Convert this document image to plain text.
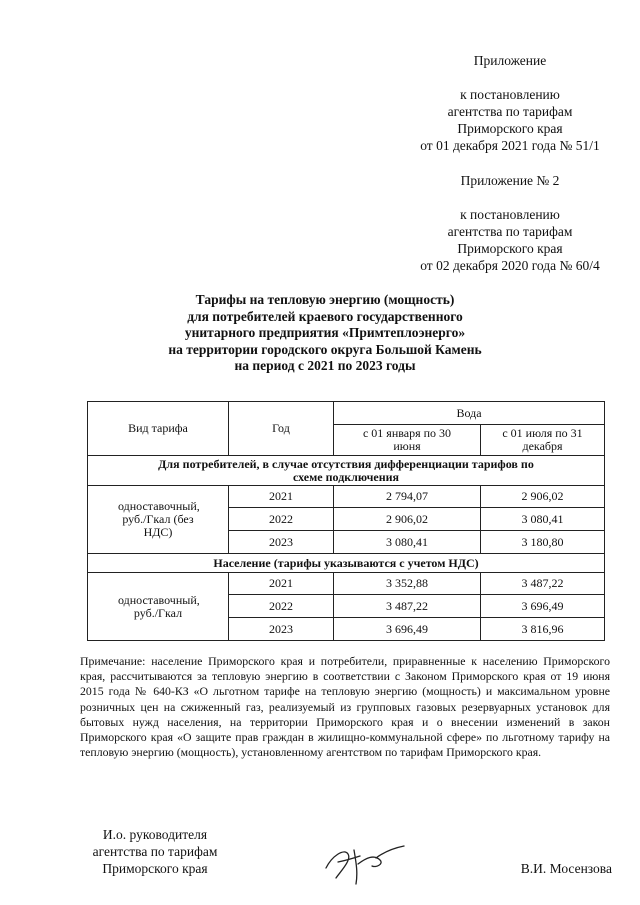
Приложение
к постановлению
агентства по тарифам
Приморского края
от 01 декабря 2021 года № 51/1
Приложение № 2
к постановлению
агентства по тарифам
Приморского края
от 02 декабря 2020 года № 60/4
Тарифы на тепловую энергию (мощность)
для потребителей краевого государственного
унитарного предприятия «Примтеплоэнерго»
на территории городского округа Большой Камень
на период с 2021 по 2023 годы
Вид тарифа	Год	Вода	
		с 01 января по 30 июня	с 01 июля по 31 декабря
Для потребителей, в случае отсутствия дифференциации тарифов по схеме подключения			
одноставочный, руб./Гкал (без НДС)	2021	2 794,07	2 906,02
	2022	2 906,02	3 080,41
	2023	3 080,41	3 180,80
Население (тарифы указываются с учетом НДС)			
одноставочный, руб./Гкал	2021	3 352,88	3 487,22
	2022	3 487,22	3 696,49
	2023	3 696,49	3 816,96
Примечание: население Приморского края и потребители, приравненные к населению Приморского края, рассчитываются за тепловую энергию в соответствии с Законом Приморского края от 19 июня 2015 года № 640-КЗ «О льготном тарифе на тепловую энергию (мощность) и максимальном уровне розничных цен на сжиженный газ, реализуемый из групповых газовых резервуарных установок для бытовых нужд населения, на территории Приморского края и о внесении изменений в закон Приморского края «О защите прав граждан в жилищно-коммунальной сфере» по льготному тарифу на тепловую энергию (мощность), установленному агентством по тарифам Приморского края.
И.о. руководителя
агентства по тарифам
Приморского края	В.И. Мосензова
